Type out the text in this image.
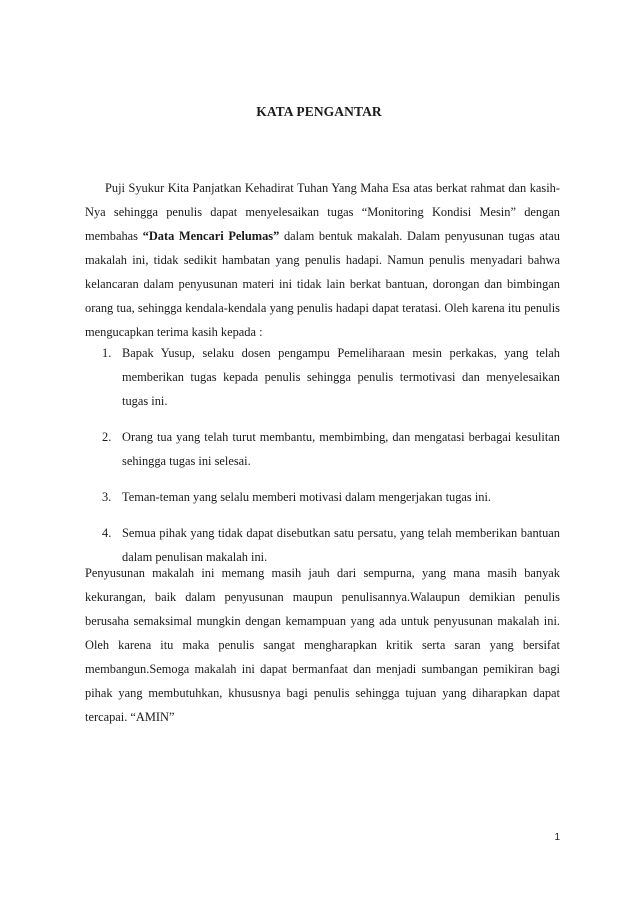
KATA PENGANTAR

Puji Syukur Kita Panjatkan Kehadirat Tuhan Yang Maha Esa atas berkat rahmat dan kasih-Nya sehingga penulis dapat menyelesaikan tugas “Monitoring Kondisi Mesin” dengan membahas “Data Mencari Pelumas” dalam bentuk makalah. Dalam penyusunan tugas atau makalah ini, tidak sedikit hambatan yang penulis hadapi. Namun penulis menyadari bahwa kelancaran dalam penyusunan materi ini tidak lain berkat bantuan, dorongan dan bimbingan orang tua, sehingga kendala-kendala yang penulis hadapi dapat teratasi. Oleh karena itu penulis mengucapkan terima kasih kepada :

1. Bapak Yusup, selaku dosen pengampu Pemeliharaan mesin perkakas, yang telah memberikan tugas kepada penulis sehingga penulis termotivasi dan menyelesaikan tugas ini.
2. Orang tua yang telah turut membantu, membimbing, dan mengatasi berbagai kesulitan sehingga tugas ini selesai.
3. Teman-teman yang selalu memberi motivasi dalam mengerjakan tugas ini.
4. Semua pihak yang tidak dapat disebutkan satu persatu, yang telah memberikan bantuan dalam penulisan makalah ini.

Penyusunan makalah ini memang masih jauh dari sempurna, yang mana masih banyak kekurangan, baik dalam penyusunan maupun penulisannya.Walaupun demikian penulis berusaha semaksimal mungkin dengan kemampuan yang ada untuk penyusunan makalah ini. Oleh karena itu maka penulis sangat mengharapkan kritik serta saran yang bersifat membangun.Semoga makalah ini dapat bermanfaat dan menjadi sumbangan pemikiran bagi pihak yang membutuhkan, khususnya bagi penulis sehingga tujuan yang diharapkan dapat tercapai. “AMIN”

1
